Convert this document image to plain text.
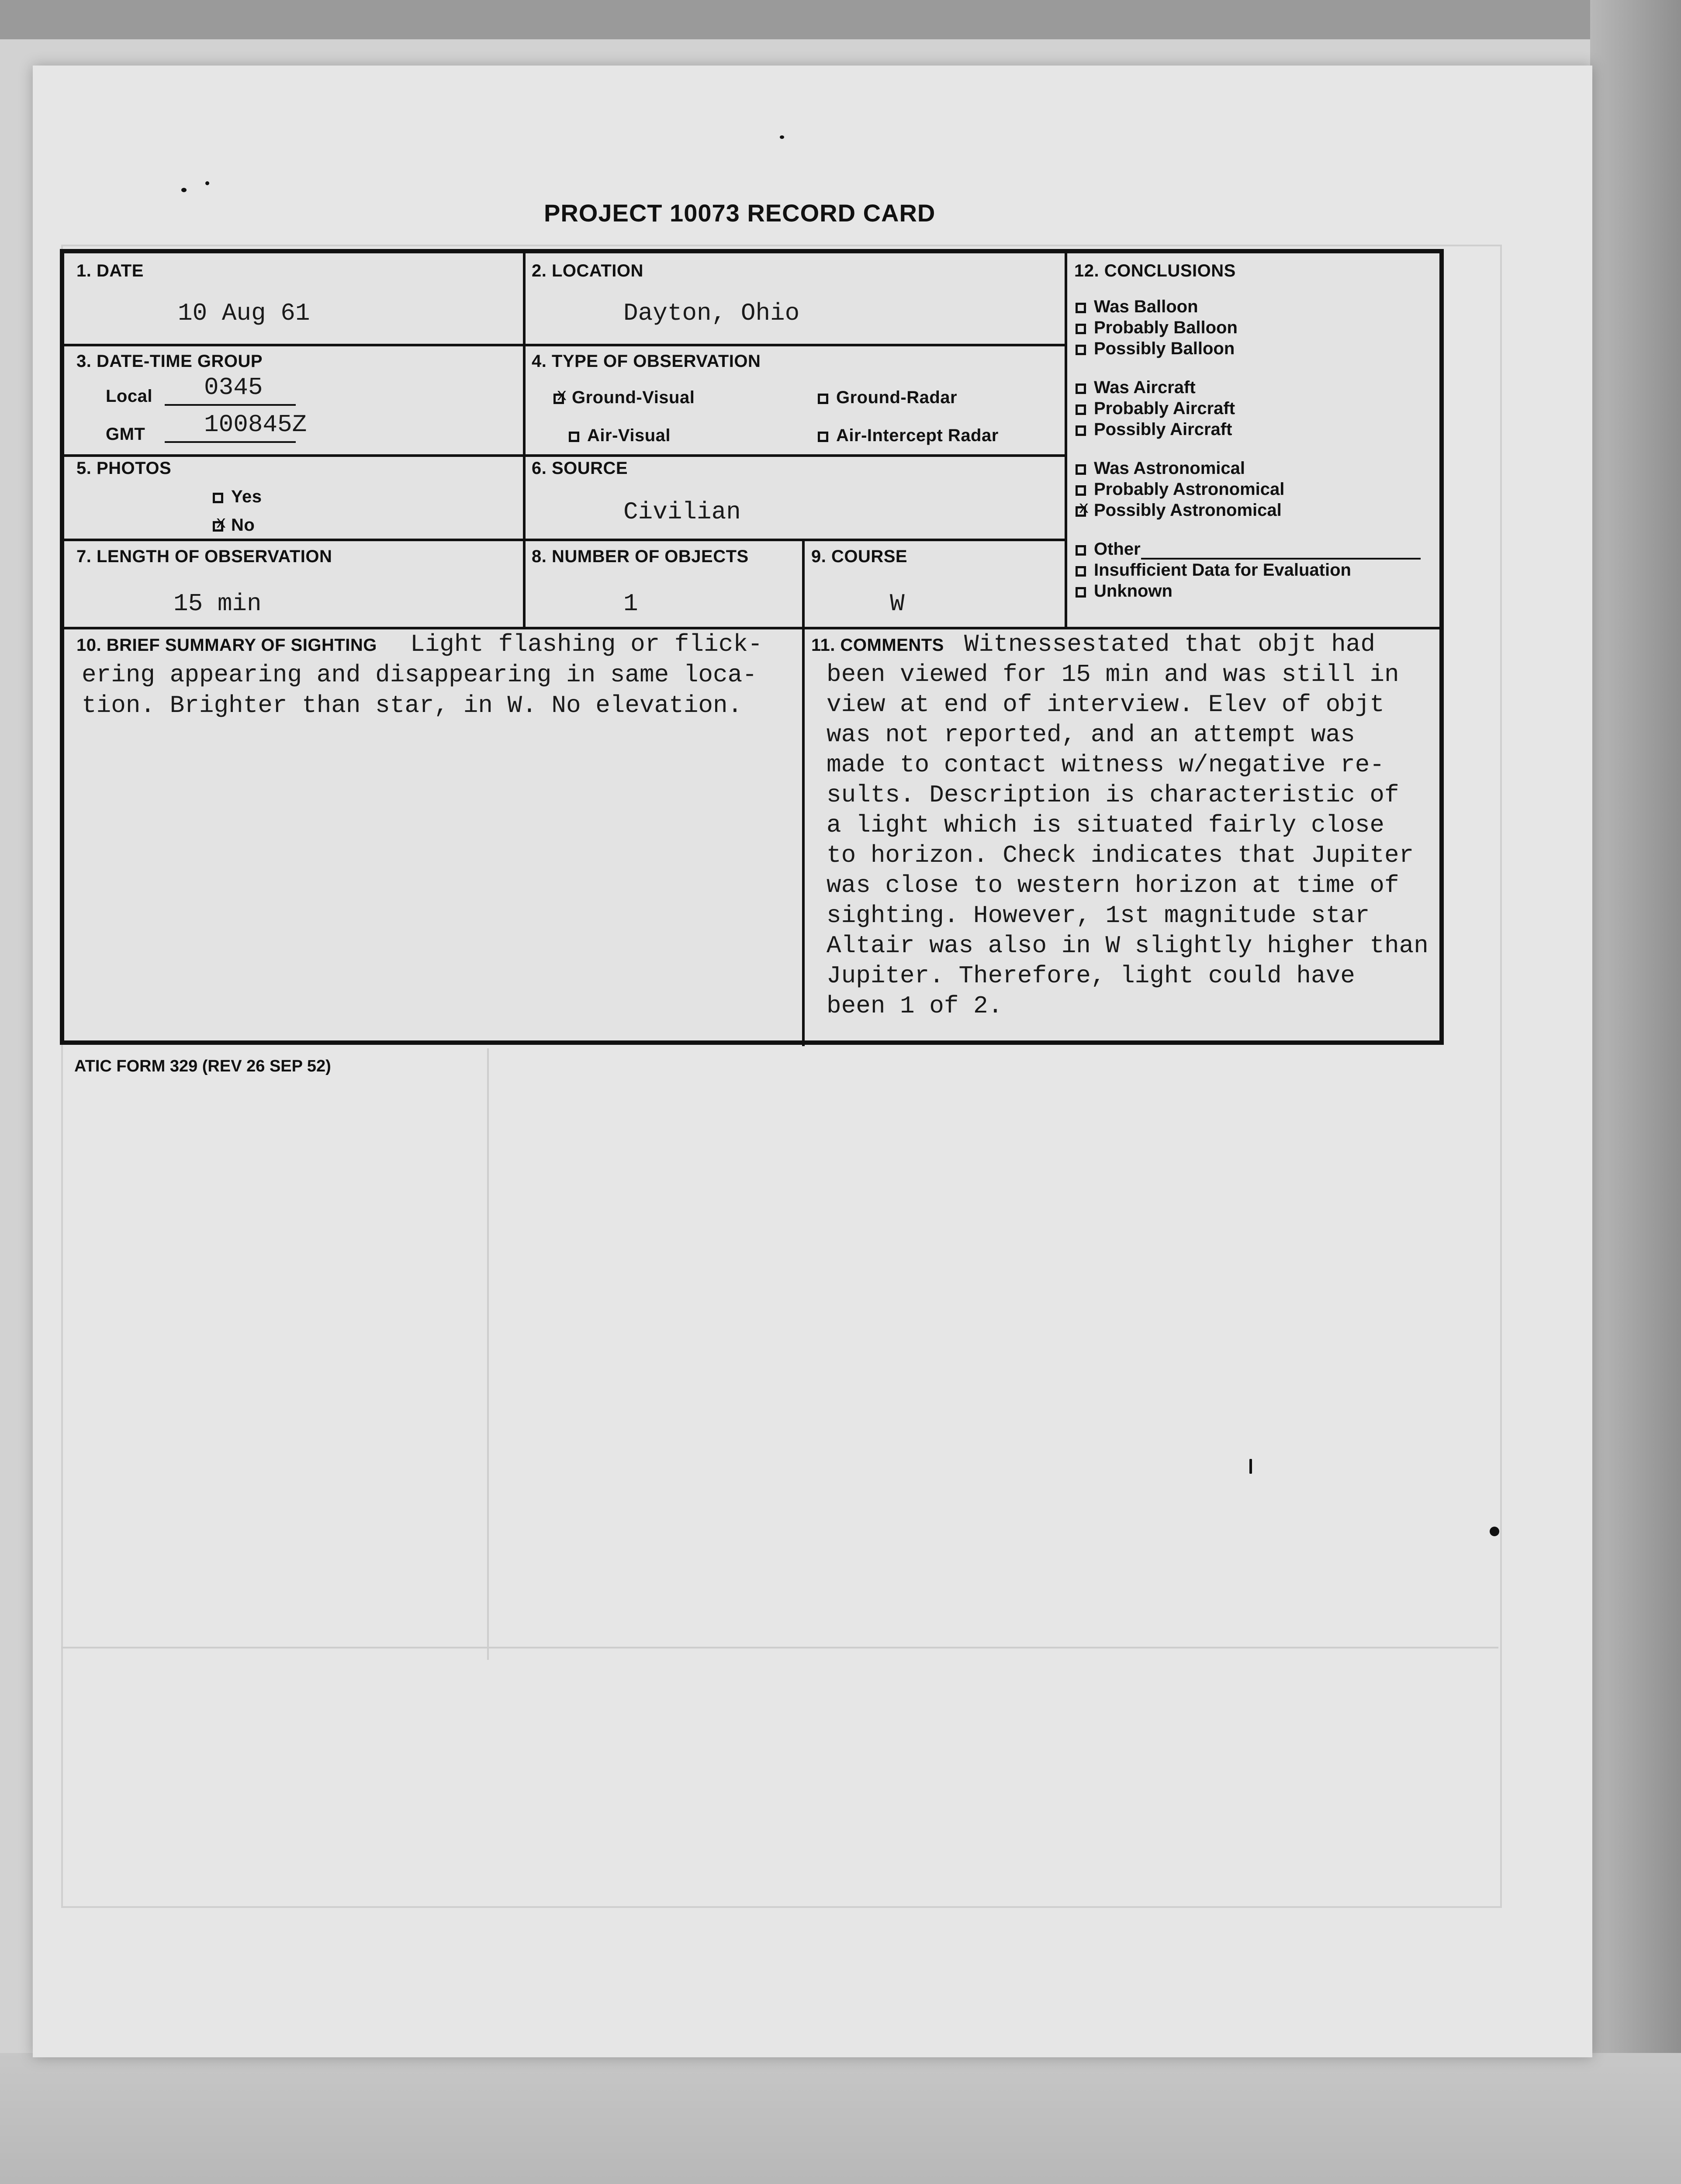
PROJECT 10073 RECORD CARD
1. DATE
10 Aug 61
2. LOCATION
Dayton, Ohio
3. DATE-TIME GROUP
Local 0345
GMT 100845Z
4. TYPE OF OBSERVATION
xGround-Visual	Ground-Radar
Air-Visual	Air-Intercept Radar
5. PHOTOS
Yes
xNo
6. SOURCE
Civilian
7. LENGTH OF OBSERVATION
15 min
8. NUMBER OF OBJECTS
1
9. COURSE
W
12. CONCLUSIONS
Was Balloon
Probably Balloon
Possibly Balloon
Was Aircraft
Probably Aircraft
Possibly Aircraft
Was Astronomical
Probably Astronomical
xPossibly Astronomical
Other
Insufficient Data for Evaluation
Unknown
10. BRIEF SUMMARY OF SIGHTING Light flashing or flick-
ering appearing and disappearing in same loca-
tion. Brighter than star, in W. No elevation.
11. COMMENTS Witnessestated that objt had
been viewed for 15 min and was still in
view at end of interview. Elev of objt
was not reported, and an attempt was
made to contact witness w/negative re-
sults. Description is characteristic of
a light which is situated fairly close
to horizon. Check indicates that Jupiter
was close to western horizon at time of
sighting. However, 1st magnitude star
Altair was also in W slightly higher than
Jupiter. Therefore, light could have
been 1 of 2.
ATIC FORM 329 (REV 26 SEP 52)
